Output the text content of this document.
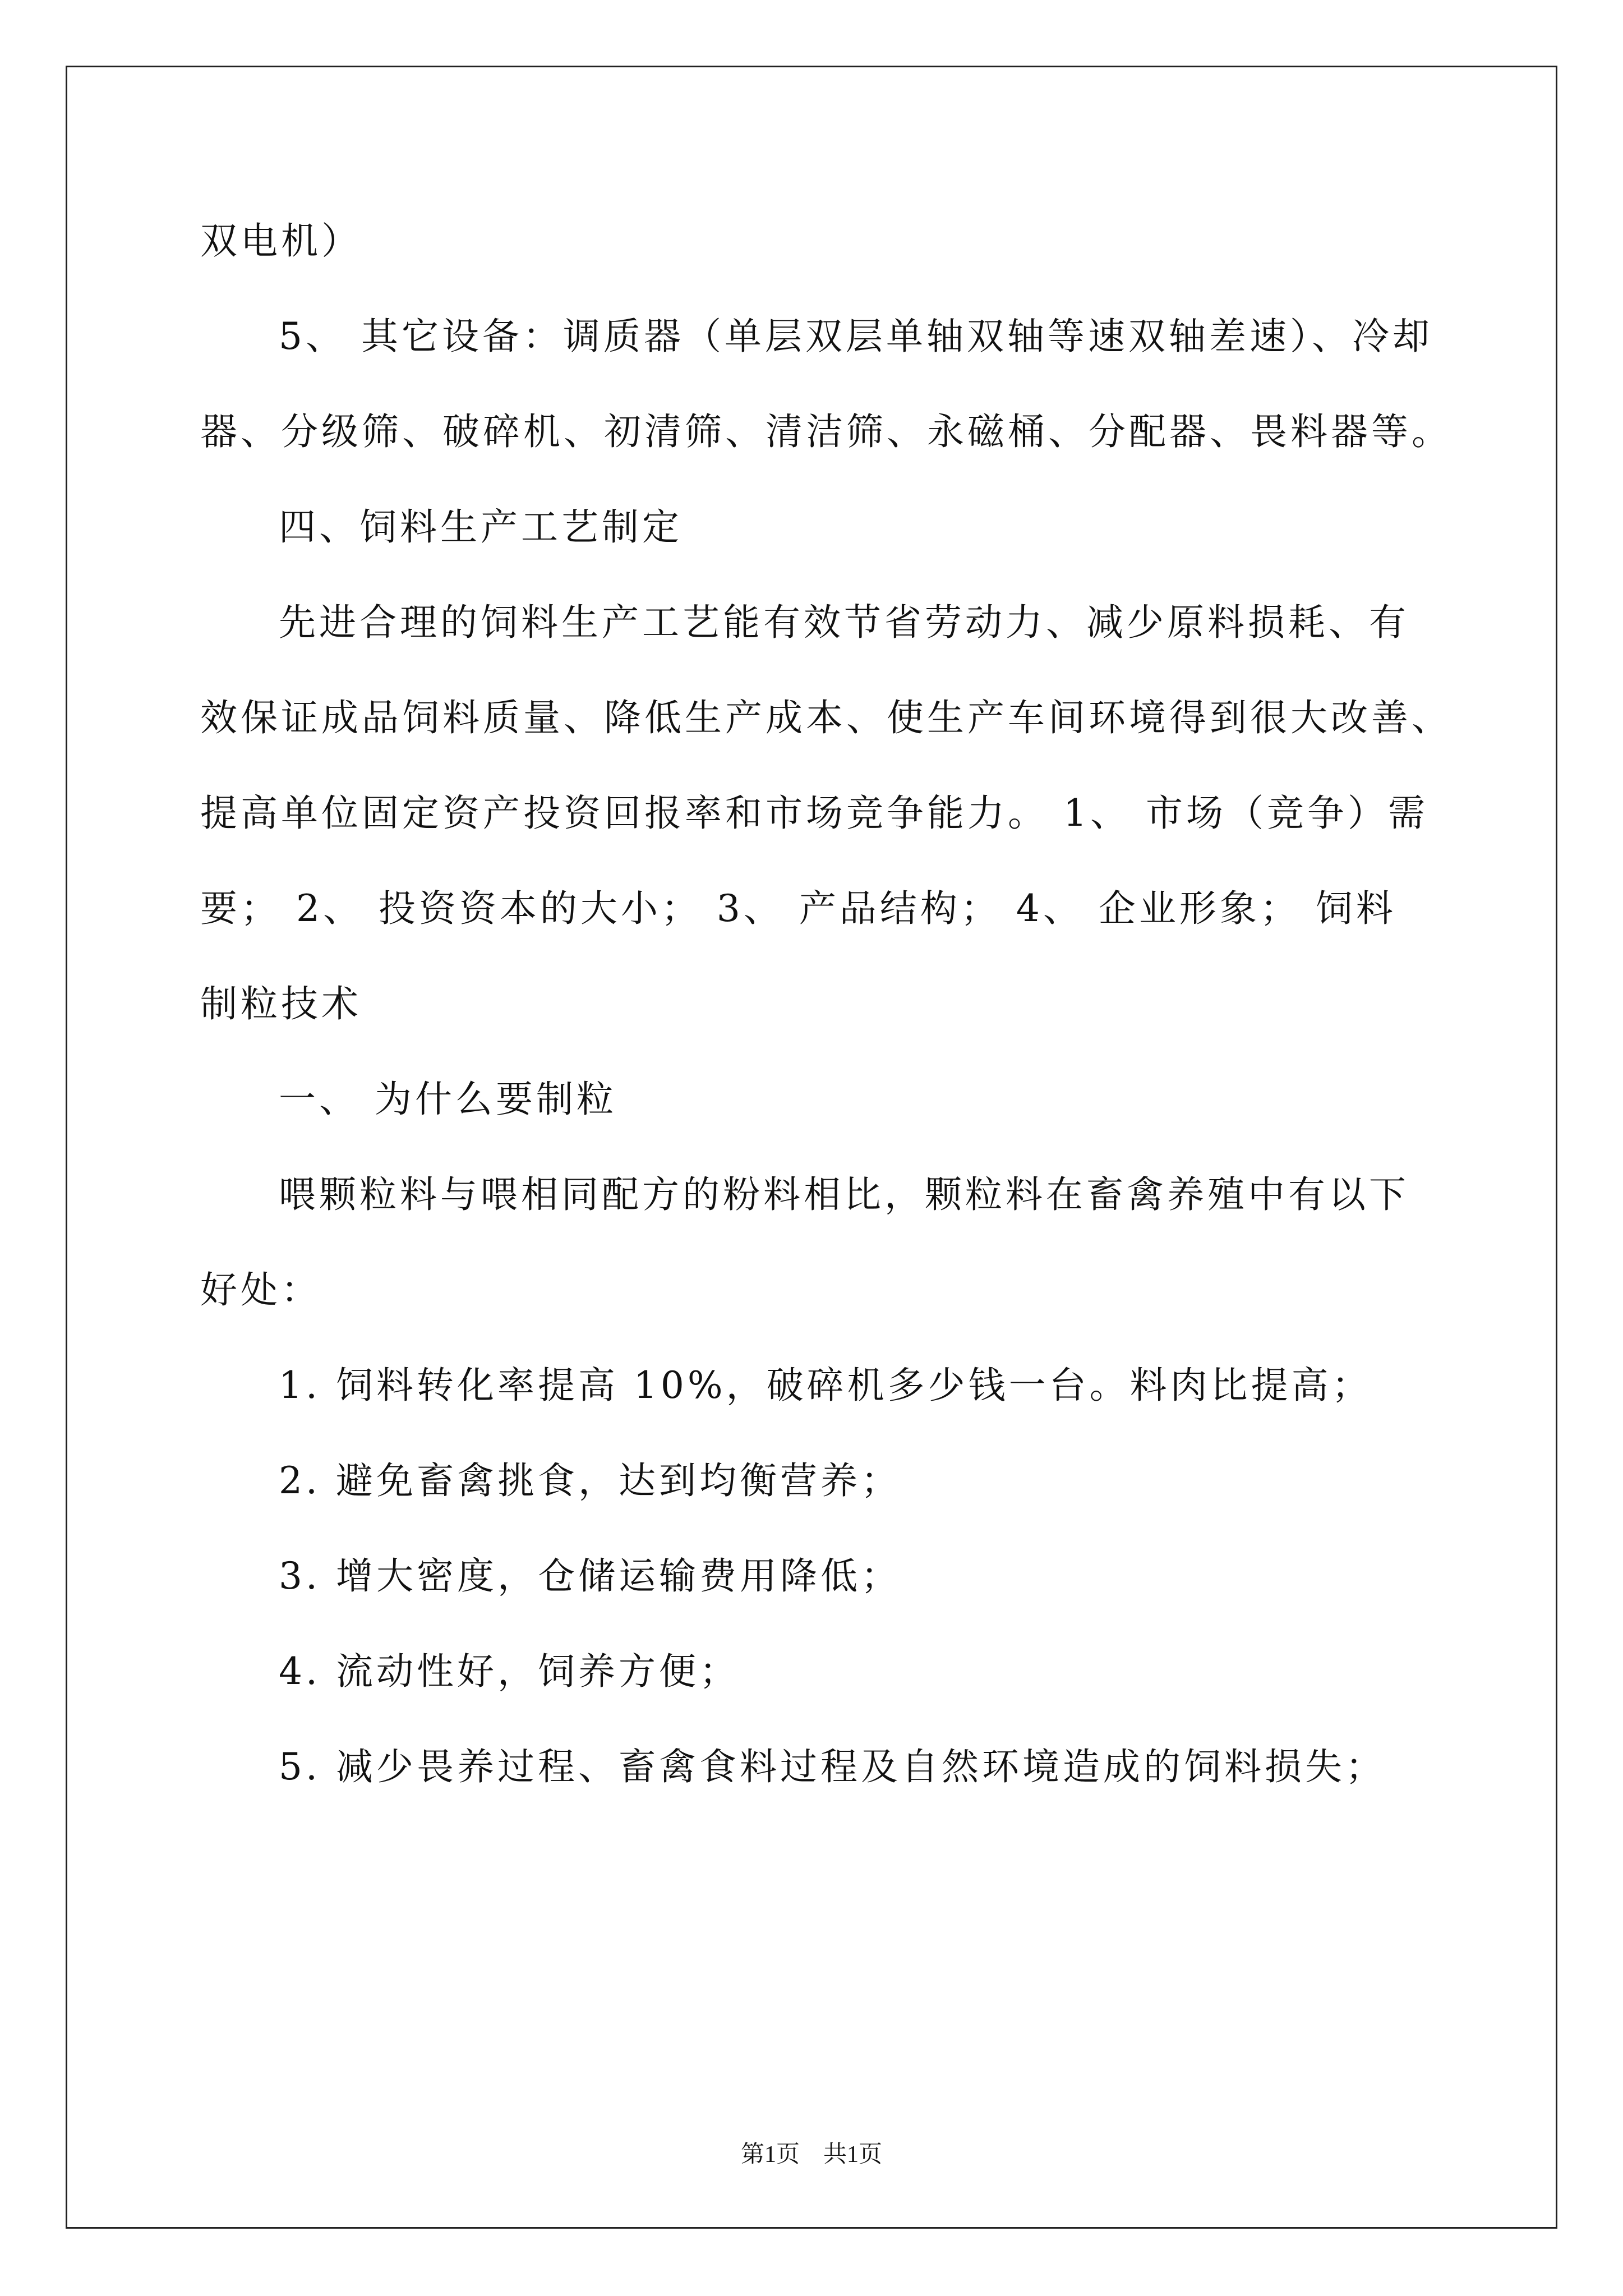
双电机）
5、 其它设备：调质器（单层双层单轴双轴等速双轴差速）、冷却
器、分级筛、破碎机、初清筛、清洁筛、永磁桶、分配器、畏料器等。
四、饲料生产工艺制定
先进合理的饲料生产工艺能有效节省劳动力、减少原料损耗、有
效保证成品饲料质量、降低生产成本、使生产车间环境得到很大改善、
提高单位固定资产投资回报率和市场竞争能力。 1、 市场（竞争）需
要； 2、 投资资本的大小； 3、 产品结构； 4、 企业形象； 饲料
制粒技术
一、 为什么要制粒
喂颗粒料与喂相同配方的粉料相比，颗粒料在畜禽养殖中有以下
好处：
1. 饲料转化率提高 10%，破碎机多少钱一台。料肉比提高；
2. 避免畜禽挑食，达到均衡营养；
3. 增大密度，仓储运输费用降低；
4. 流动性好，饲养方便；
5. 减少畏养过程、畜禽食料过程及自然环境造成的饲料损失；
第1页　共1页
